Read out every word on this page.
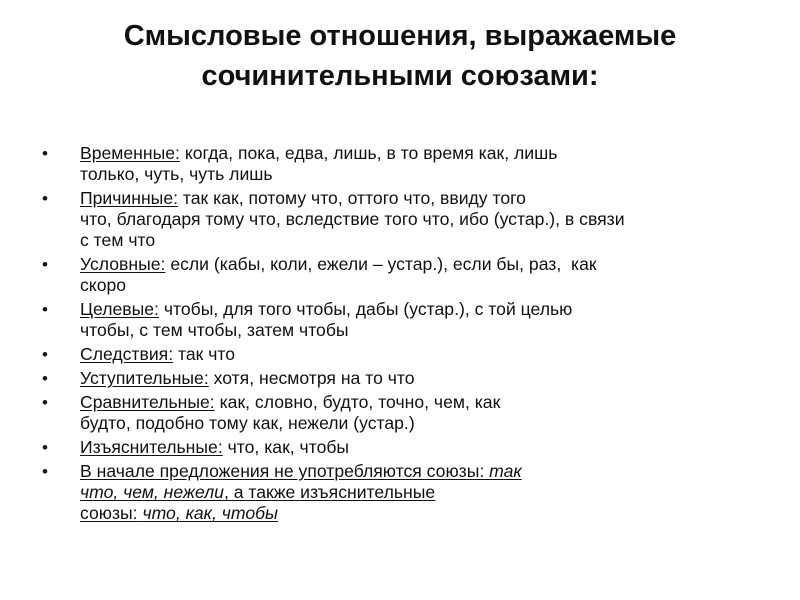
Смысловые отношения, выражаемые
сочинительными союзами:
•	Временные: когда, пока, едва, лишь, в то время как, лишь
только, чуть, чуть лишь
•	Причинные: так как, потому что, оттого что, ввиду того
что, благодаря тому что, вследствие того что, ибо (устар.), в связи
с тем что
•	Условные: если (кабы, коли, ежели – устар.), если бы, раз,  как
скоро
•	Целевые: чтобы, для того чтобы, дабы (устар.), с той целью
чтобы, с тем чтобы, затем чтобы
•	Следствия: так что
•	Уступительные: хотя, несмотря на то что
•	Сравнительные: как, словно, будто, точно, чем, как
будто, подобно тому как, нежели (устар.)
•	Изъяснительные: что, как, чтобы
•	В начале предложения не употребляются союзы: так
что, чем, нежели, а также изъяснительные
союзы: что, как, чтобы
